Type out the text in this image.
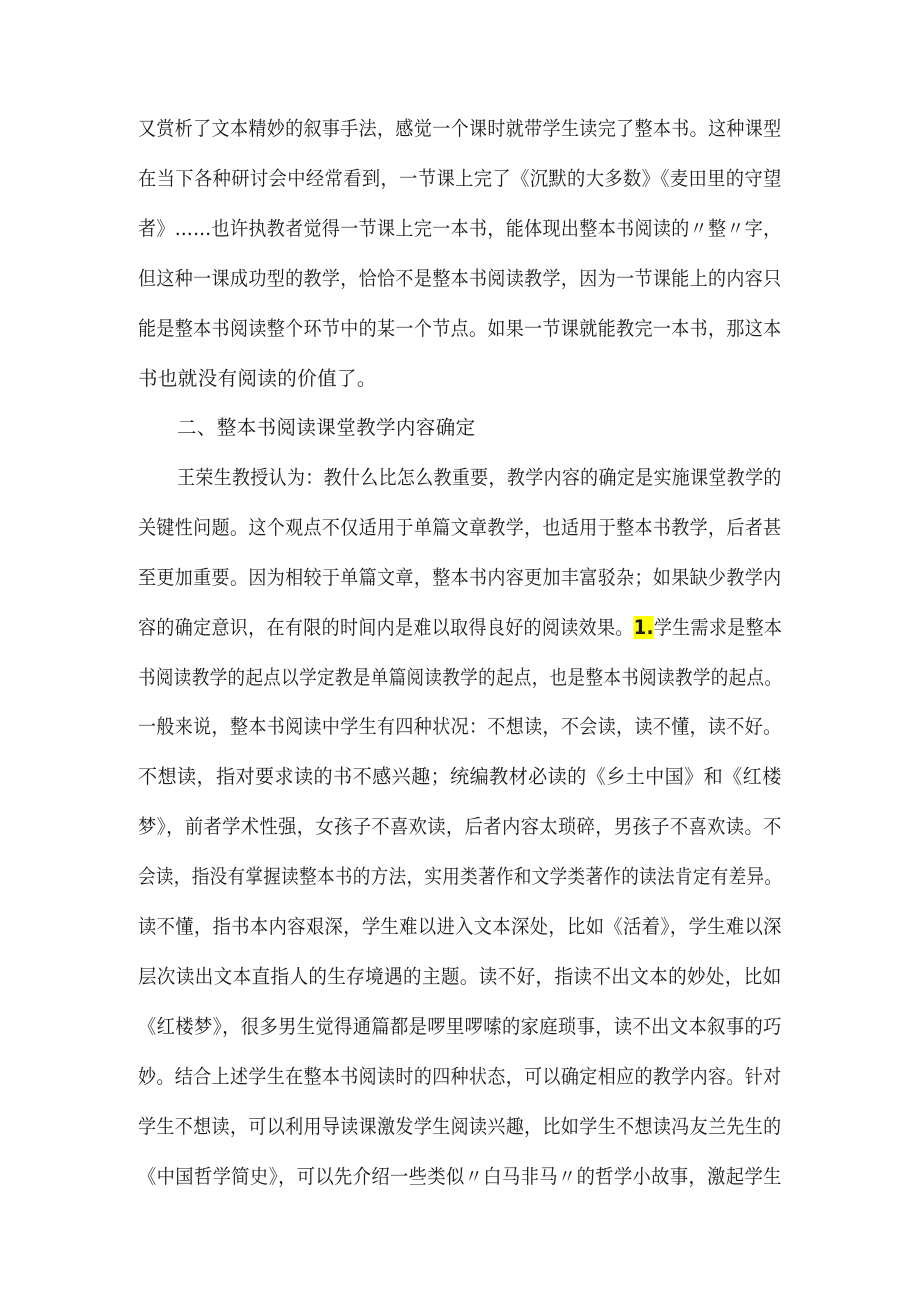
又赏析了文本精妙的叙事手法，感觉一个课时就带学生读完了整本书。这种课型
在当下各种研讨会中经常看到，一节课上完了《沉默的大多数》《麦田里的守望
者》……也许执教者觉得一节课上完一本书，能体现出整本书阅读的〃整〃字，
但这种一课成功型的教学，恰恰不是整本书阅读教学，因为一节课能上的内容只
能是整本书阅读整个环节中的某一个节点。如果一节课就能教完一本书，那这本
书也就没有阅读的价值了。
二、整本书阅读课堂教学内容确定
王荣生教授认为：教什么比怎么教重要，教学内容的确定是实施课堂教学的
关键性问题。这个观点不仅适用于单篇文章教学，也适用于整本书教学，后者甚
至更加重要。因为相较于单篇文章，整本书内容更加丰富驳杂；如果缺少教学内
容的确定意识，在有限的时间内是难以取得良好的阅读效果。1.学生需求是整本
书阅读教学的起点以学定教是单篇阅读教学的起点，也是整本书阅读教学的起点。
一般来说，整本书阅读中学生有四种状况：不想读，不会读，读不懂，读不好。
不想读，指对要求读的书不感兴趣；统编教材必读的《乡土中国》和《红楼
梦》，前者学术性强，女孩子不喜欢读，后者内容太琐碎，男孩子不喜欢读。不
会读，指没有掌握读整本书的方法，实用类著作和文学类著作的读法肯定有差异。
读不懂，指书本内容艰深，学生难以进入文本深处，比如《活着》，学生难以深
层次读出文本直指人的生存境遇的主题。读不好，指读不出文本的妙处，比如
《红楼梦》，很多男生觉得通篇都是啰里啰嗦的家庭琐事，读不出文本叙事的巧
妙。结合上述学生在整本书阅读时的四种状态，可以确定相应的教学内容。针对
学生不想读，可以利用导读课激发学生阅读兴趣，比如学生不想读冯友兰先生的
《中国哲学简史》，可以先介绍一些类似〃白马非马〃的哲学小故事，激起学生
